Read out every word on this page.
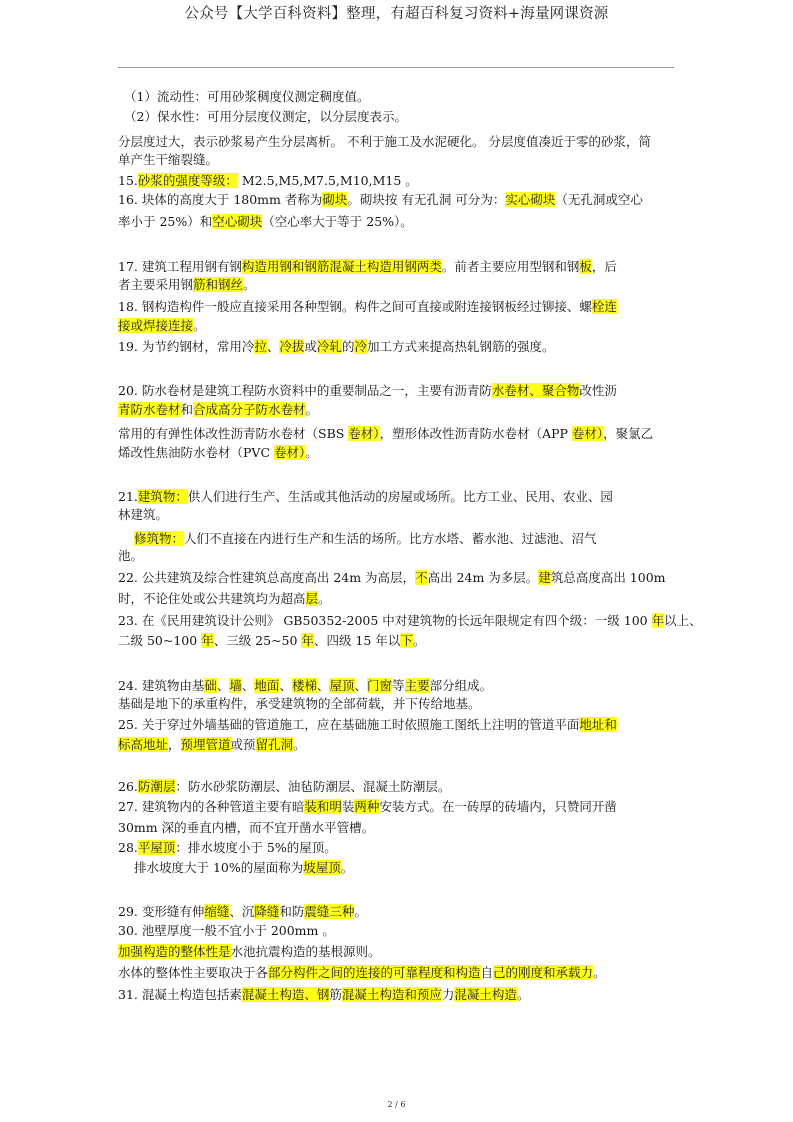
公众号【大学百科资料】整理，有超百科复习资料+海量网课资源
（1）流动性：可用砂浆稠度仪测定稠度值。
（2）保水性：可用分层度仪测定，以分层度表示。
分层度过大，表示砂浆易产生分层离析。 不利于施工及水泥硬化。 分层度值凑近于零的砂浆，简
单产生干缩裂缝。
15.砂浆的强度等级： M2.5,M5,M7.5,M10,M15 。
16. 块体的高度大于 180mm 者称为砌块。砌块按 有无孔洞 可分为：实心砌块（无孔洞或空心
率小于 25%）和空心砌块（空心率大于等于 25%）。
17. 建筑工程用钢有钢构造用钢和钢筋混凝土构造用钢两类。前者主要应用型钢和钢板，后
者主要采用钢筋和钢丝。
18. 钢构造构件一般应直接采用各种型钢。构件之间可直接或附连接钢板经过铆接、螺栓连
接或焊接连接。
19. 为节约钢材，常用冷拉、冷拔或冷轧的冷加工方式来提高热轧钢筋的强度。
20. 防水卷材是建筑工程防水资料中的重要制品之一，主要有沥青防水卷材、聚合物改性沥
青防水卷材和合成高分子防水卷材。
常用的有弹性体改性沥青防水卷材（SBS 卷材），塑形体改性沥青防水卷材（APP 卷材），聚氯乙
烯改性焦油防水卷材（PVC 卷材）。
21.建筑物：供人们进行生产、生活或其他活动的房屋或场所。比方工业、民用、农业、园
林建筑。
修筑物：人们不直接在内进行生产和生活的场所。比方水塔、蓄水池、过滤池、沼气
池。
22. 公共建筑及综合性建筑总高度高出 24m 为高层，不高出 24m 为多层。建筑总高度高出 100m
时，不论住处或公共建筑均为超高层。
23. 在《民用建筑设计公则》 GB50352-2005 中对建筑物的长远年限规定有四个级：一级 100 年以上、
二级 50~100 年、三级 25~50 年、四级 15 年以下。
24. 建筑物由基础、墙、地面、楼梯、屋顶、门窗等主要部分组成。
基础是地下的承重构件，承受建筑物的全部荷载，并下传给地基。
25. 关于穿过外墙基础的管道施工，应在基础施工时依照施工图纸上注明的管道平面地址和
标高地址，预埋管道或预留孔洞。
26.防潮层：防水砂浆防潮层、油毡防潮层、混凝土防潮层。
27. 建筑物内的各种管道主要有暗装和明装两种安装方式。在一砖厚的砖墙内，只赞同开凿
30mm 深的垂直内槽，而不宜开凿水平管槽。
28.平屋顶：排水坡度小于 5%的屋顶。
排水坡度大于 10%的屋面称为坡屋顶。
29. 变形缝有伸缩缝、沉降缝和防震缝三种。
30. 池壁厚度一般不宜小于 200mm 。
加强构造的整体性是水池抗震构造的基根源则。
水体的整体性主要取决于各部分构件之间的连接的可靠程度和构造自己的刚度和承载力。
31. 混凝土构造包括素混凝土构造、钢筋混凝土构造和预应力混凝土构造。
2 / 6
